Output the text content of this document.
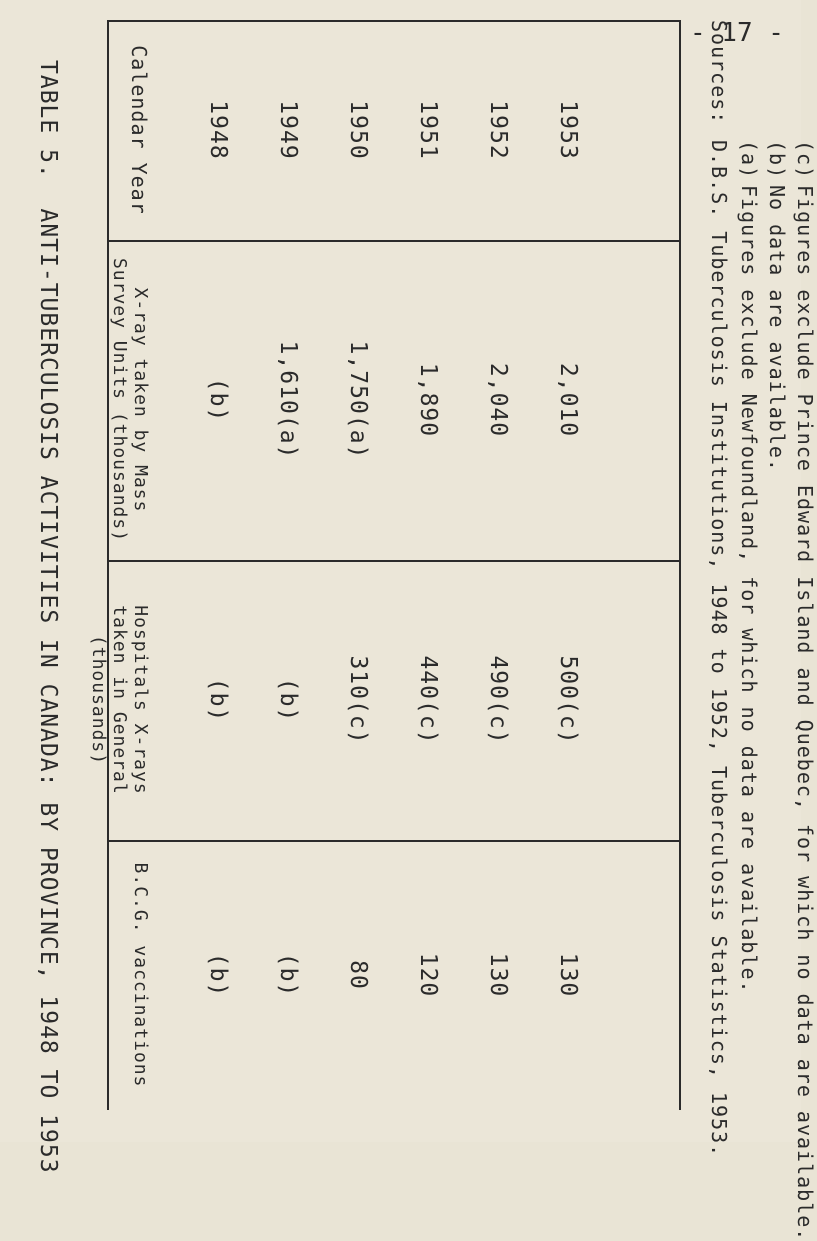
TABLE 5.  ANTI-TUBERCULOSIS ACTIVITIES IN CANADA: BY PROVINCE, 1948 TO 1953	Calendar Year
X-ray taken by Mass Survey Units (thousands)
Hospitals X-rays taken in General (thousands)
B.C.G. vaccinations
1948
(b)
(b)
(b)
1949
1,610(a)
(b)
(b)
1950
1,750(a)
310(c)
80
1951
1,890
440(c)
120
1952
2,040
490(c)
130
1953
2,010
500(c)
130
Sources:
D.B.S. Tuberculosis Institutions, 1948 to 1952, Tuberculosis Statistics, 1953. (a)
Figures exclude Newfoundland, for which no data are available.
(b)
No data are available.
(c)
Figures exclude Prince Edward Island and Quebec, for which no data are available.
- 17 -
